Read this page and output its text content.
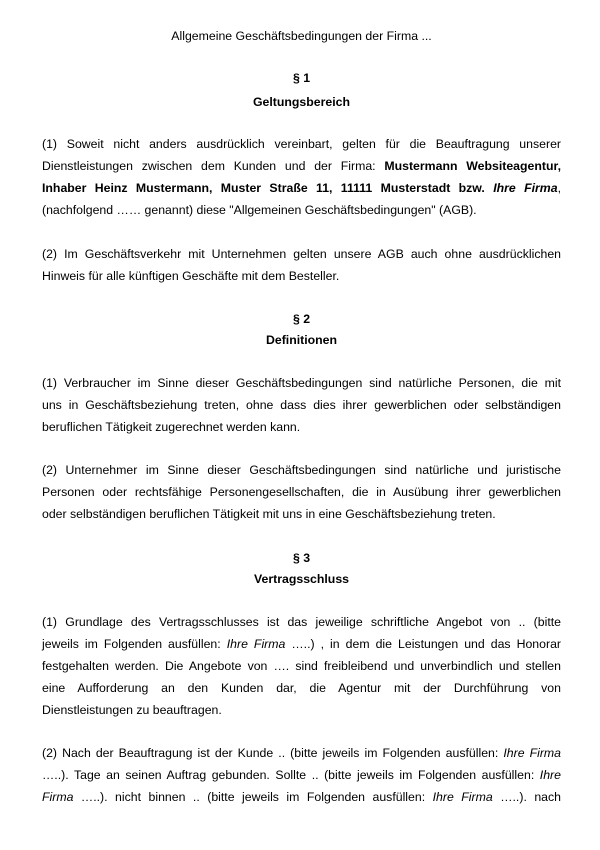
Allgemeine Geschäftsbedingungen der Firma ...
§ 1
Geltungsbereich
(1) Soweit nicht anders ausdrücklich vereinbart, gelten für die Beauftragung unserer
Dienstleistungen zwischen dem Kunden und der Firma: Mustermann Websiteagentur,
Inhaber Heinz Mustermann, Muster Straße 11, 11111 Musterstadt bzw. Ihre Firma,
(nachfolgend …… genannt) diese "Allgemeinen Geschäftsbedingungen" (AGB).
(2) Im Geschäftsverkehr mit Unternehmen gelten unsere AGB auch ohne ausdrücklichen
Hinweis für alle künftigen Geschäfte mit dem Besteller.
§ 2
Definitionen
(1) Verbraucher im Sinne dieser Geschäftsbedingungen sind natürliche Personen, die mit
uns in Geschäftsbeziehung treten, ohne dass dies ihrer gewerblichen oder selbständigen
beruflichen Tätigkeit zugerechnet werden kann.
(2) Unternehmer im Sinne dieser Geschäftsbedingungen sind natürliche und juristische
Personen oder rechtsfähige Personengesellschaften, die in Ausübung ihrer gewerblichen
oder selbständigen beruflichen Tätigkeit mit uns in eine Geschäftsbeziehung treten.
§ 3
Vertragsschluss
(1) Grundlage des Vertragsschlusses ist das jeweilige schriftliche Angebot von .. (bitte
jeweils im Folgenden ausfüllen: Ihre Firma …..) , in dem die Leistungen und das Honorar
festgehalten werden. Die Angebote von …. sind freibleibend und unverbindlich und stellen
eine Aufforderung an den Kunden dar, die Agentur mit der Durchführung von
Dienstleistungen zu beauftragen.
(2) Nach der Beauftragung ist der Kunde .. (bitte jeweils im Folgenden ausfüllen: Ihre Firma
…..). Tage an seinen Auftrag gebunden. Sollte .. (bitte jeweils im Folgenden ausfüllen: Ihre
Firma …..). nicht binnen .. (bitte jeweils im Folgenden ausfüllen: Ihre Firma …..). nach
